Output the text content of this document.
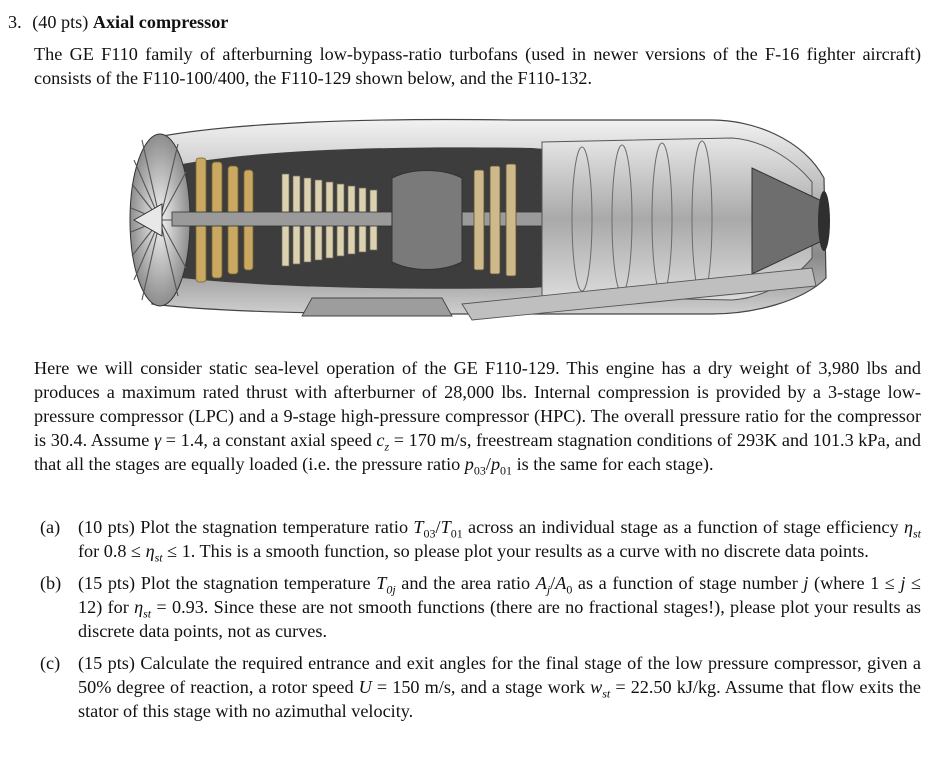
3. (40 pts) Axial compressor
The GE F110 family of afterburning low-bypass-ratio turbofans (used in newer versions of the F-16 fighter aircraft) consists of the F110-100/400, the F110-129 shown below, and the F110-132.
Here we will consider static sea-level operation of the GE F110-129. This engine has a dry weight of 3,980 lbs and produces a maximum rated thrust with afterburner of 28,000 lbs. Internal compression is provided by a 3-stage low-pressure compressor (LPC) and a 9-stage high-pressure compressor (HPC). The overall pressure ratio for the compressor is 30.4. Assume γ = 1.4, a constant axial speed $c_z = 170$ m/s, freestream stagnation conditions of 293K and 101.3 kPa, and that all the stages are equally loaded (i.e. the pressure ratio $p_{03}/p_{01}$ is the same for each stage).
(a) (10 pts) Plot the stagnation temperature ratio $T_{03}/T_{01}$ across an individual stage as a function of stage efficiency $\eta_{st}$ for $0.8 \le \eta_{st} \le 1$. This is a smooth function, so please plot your results as a curve with no discrete data points.
(b) (15 pts) Plot the stagnation temperature $T_{0j}$ and the area ratio $A_j/A_0$ as a function of stage number j (where 1 ≤ j ≤ 12) for $\eta_{st} = 0.93$. Since these are not smooth functions (there are no fractional stages!), please plot your results as discrete data points, not as curves.
(c) (15 pts) Calculate the required entrance and exit angles for the final stage of the low pressure compressor, given a 50% degree of reaction, a rotor speed U = 150 m/s, and a stage work $w_{st} = 22.50$ kJ/kg. Assume that flow exits the stator of this stage with no azimuthal velocity.
